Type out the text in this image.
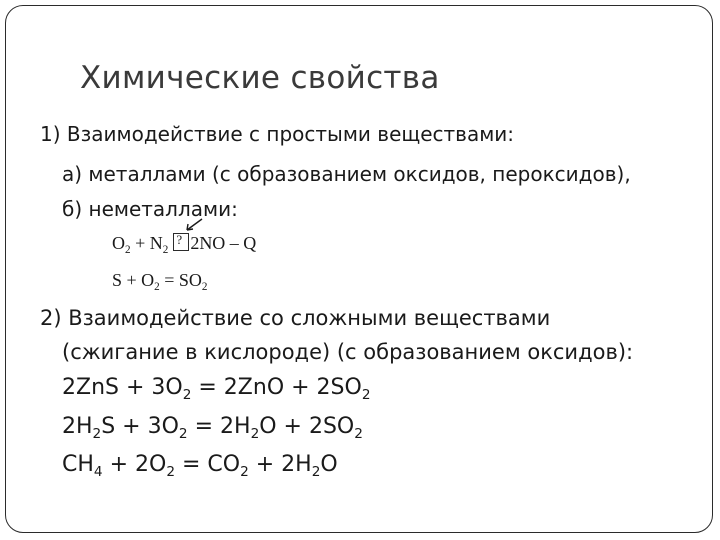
Химические свойства
1) Взаимодействие с простыми веществами:
а) металлами (с образованием оксидов, пероксидов),
б) неметаллами:
$O_2 + N_2$
? 2NO – Q
$S + O_2 = SO_2$
2) Взаимодействие со сложными веществами
(сжигание в кислороде) (с образованием оксидов):
$2ZnS + 3O_2 = 2ZnO + 2SO_2$
$2H_2S + 3O_2 = 2H_2O + 2SO_2$
$CH_4 + 2O_2 = CO_2 + 2H_2O$
